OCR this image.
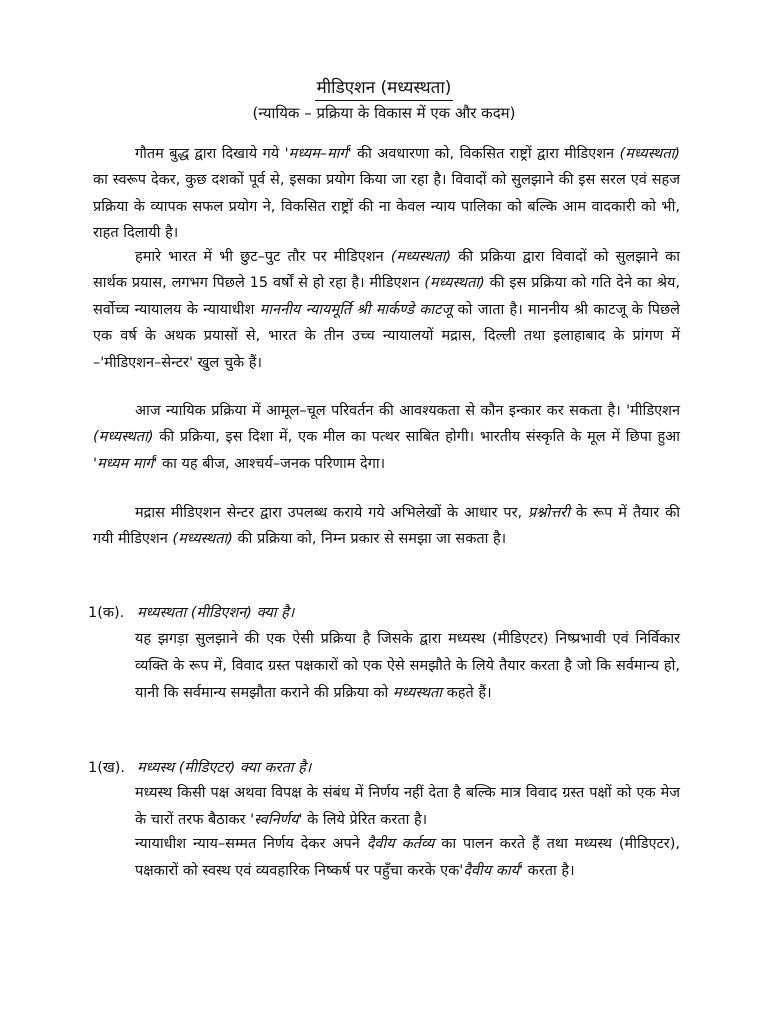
मीडिएशन (मध्यस्थता)
(न्यायिक – प्रक्रिया के विकास में एक और कदम)
गौतम बुद्ध द्वारा दिखाये गये 'मध्यम–मार्ग' की अवधारणा को, विकसित राष्ट्रों द्वारा मीडिएशन (मध्यस्थता) का स्वरूप देकर, कुछ दशकों पूर्व से, इसका प्रयोग किया जा रहा है। विवादों को सुलझाने की इस सरल एवं सहज प्रक्रिया के व्यापक सफल प्रयोग ने, विकसित राष्ट्रों की ना केवल न्याय पालिका को बल्कि आम वादकारी को भी, राहत दिलायी है।
हमारे भारत में भी छुट–पुट तौर पर मीडिएशन (मध्यस्थता) की प्रक्रिया द्वारा विवादों को सुलझाने का सार्थक प्रयास, लगभग पिछले 15 वर्षों से हो रहा है। मीडिएशन (मध्यस्थता) की इस प्रक्रिया को गति देने का श्रेय, सर्वोच्च न्यायालय के न्यायाधीश माननीय न्यायमूर्ति श्री मार्कण्डे काटजू को जाता है। माननीय श्री काटजू के पिछले एक वर्ष के अथक प्रयासों से, भारत के तीन उच्च न्यायालयों मद्रास, दिल्ली तथा इलाहाबाद के प्रांगण में –'मीडिएशन–सेन्टर' खुल चुके हैं।
आज न्यायिक प्रक्रिया में आमूल–चूल परिवर्तन की आवश्यकता से कौन इन्कार कर सकता है। 'मीडिएशन (मध्यस्थता) की प्रक्रिया, इस दिशा में, एक मील का पत्थर साबित होगी। भारतीय संस्कृति के मूल में छिपा हुआ 'मध्यम मार्ग' का यह बीज, आश्चर्य–जनक परिणाम देगा।
मद्रास मीडिएशन सेन्टर द्वारा उपलब्ध कराये गये अभिलेखों के आधार पर, प्रश्नोत्तरी के रूप में तैयार की गयी मीडिएशन (मध्यस्थता) की प्रक्रिया को, निम्न प्रकार से समझा जा सकता है।
1(क). मध्यस्थता (मीडिएशन) क्या है।
यह झगड़ा सुलझाने की एक ऐसी प्रक्रिया है जिसके द्वारा मध्यस्थ (मीडिएटर) निष्प्रभावी एवं निर्विकार व्यक्ति के रूप में, विवाद ग्रस्त पक्षकारों को एक ऐसे समझौते के लिये तैयार करता है जो कि सर्वमान्य हो, यानी कि सर्वमान्य समझौता कराने की प्रक्रिया को मध्यस्थता कहते हैं।
1(ख). मध्यस्थ (मीडिएटर) क्या करता है।
मध्यस्थ किसी पक्ष अथवा विपक्ष के संबंध में निर्णय नहीं देता है बल्कि मात्र विवाद ग्रस्त पक्षों को एक मेज के चारों तरफ बैठाकर 'स्वनिर्णय' के लिये प्रेरित करता है।
न्यायाधीश न्याय–सम्मत निर्णय देकर अपने दैवीय कर्तव्य का पालन करते हैं तथा मध्यस्थ (मीडिएटर), पक्षकारों को स्वस्थ एवं व्यवहारिक निष्कर्ष पर पहुँचा करके एक'दैवीय कार्य' करता है।
